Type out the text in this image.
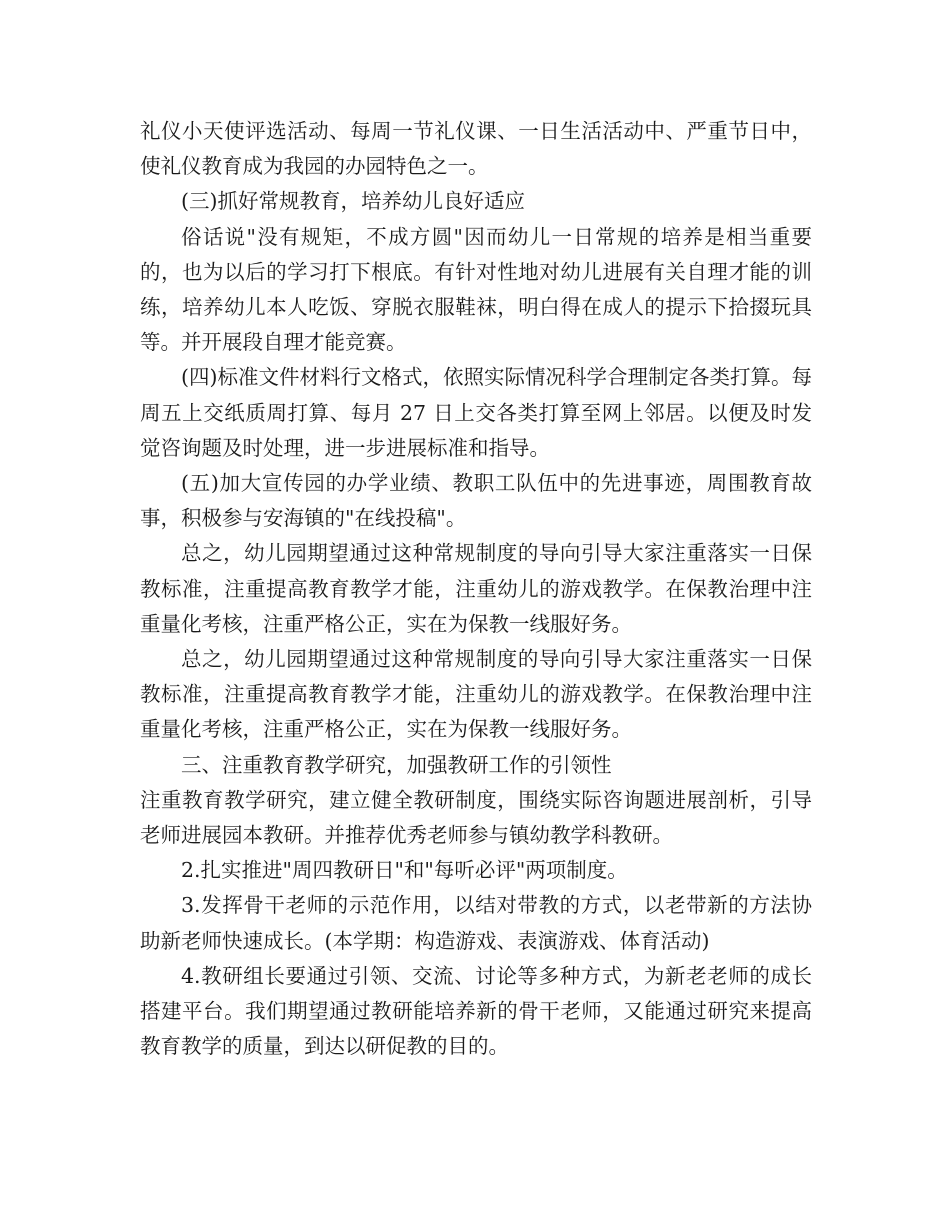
礼仪小天使评选活动、每周一节礼仪课、一日生活活动中、严重节日中，使礼仪教育成为我园的办园特色之一。

(三)抓好常规教育，培养幼儿良好适应

俗话说"没有规矩，不成方圆"因而幼儿一日常规的培养是相当重要的，也为以后的学习打下根底。有针对性地对幼儿进展有关自理才能的训练，培养幼儿本人吃饭、穿脱衣服鞋袜，明白得在成人的提示下拾掇玩具等。并开展段自理才能竞赛。

(四)标准文件材料行文格式，依照实际情况科学合理制定各类打算。每周五上交纸质周打算、每月 27 日上交各类打算至网上邻居。以便及时发觉咨询题及时处理，进一步进展标准和指导。

(五)加大宣传园的办学业绩、教职工队伍中的先进事迹，周围教育故事，积极参与安海镇的"在线投稿"。

总之，幼儿园期望通过这种常规制度的导向引导大家注重落实一日保教标准，注重提高教育教学才能，注重幼儿的游戏教学。在保教治理中注重量化考核，注重严格公正，实在为保教一线服好务。

总之，幼儿园期望通过这种常规制度的导向引导大家注重落实一日保教标准，注重提高教育教学才能，注重幼儿的游戏教学。在保教治理中注重量化考核，注重严格公正，实在为保教一线服好务。

三、注重教育教学研究，加强教研工作的引领性

注重教育教学研究，建立健全教研制度，围绕实际咨询题进展剖析，引导老师进展园本教研。并推荐优秀老师参与镇幼教学科教研。

2.扎实推进"周四教研日"和"每听必评"两项制度。

3.发挥骨干老师的示范作用，以结对带教的方式，以老带新的方法协助新老师快速成长。(本学期：构造游戏、表演游戏、体育活动)

4.教研组长要通过引领、交流、讨论等多种方式，为新老老师的成长搭建平台。我们期望通过教研能培养新的骨干老师，又能通过研究来提高教育教学的质量，到达以研促教的目的。
